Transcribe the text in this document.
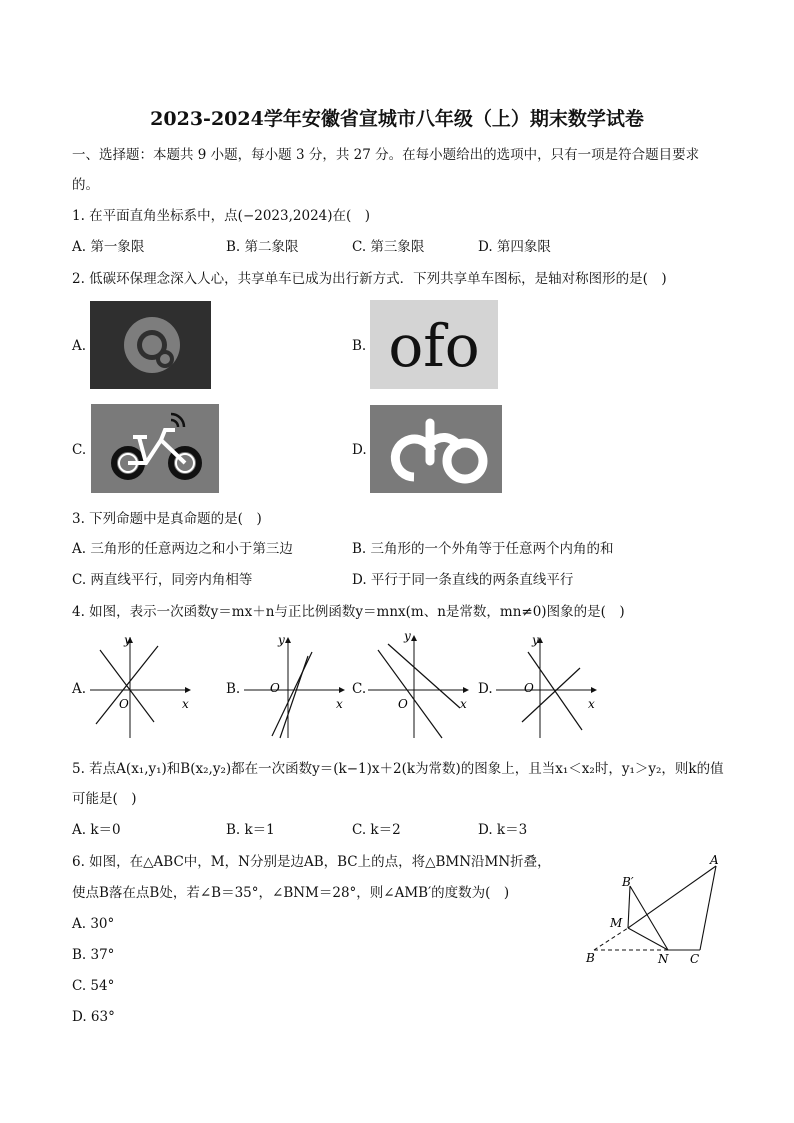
2023-2024学年安徽省宣城市八年级（上）期末数学试卷
一、选择题：本题共 9 小题，每小题 3 分，共 27 分。在每小题给出的选项中，只有一项是符合题目要求
的。
1. 在平面直角坐标系中，点(−2023,2024)在(　)
A. 第一象限	B. 第二象限	C. 第三象限	D. 第四象限
2. 低碳环保理念深入人心，共享单车已成为出行新方式．下列共享单车图标，是轴对称图形的是(　)
A.	B. ofo
C.	D.
3. 下列命题中是真命题的是(　)
A. 三角形的任意两边之和小于第三边	B. 三角形的一个外角等于任意两个内角的和
C. 两直线平行，同旁内角相等	D. 平行于同一条直线的两条直线平行
4. 如图，表示一次函数y＝mx＋n与正比例函数y＝mnx(m、n是常数，mn≠0)图象的是(　)
A.
y
x
O
B.
y
x
O	C.
y
x
O
D.
y
x
O
5. 若点A(x₁,y₁)和B(x₂,y₂)都在一次函数y＝(k−1)x＋2(k为常数)的图象上，且当x₁＜x₂时，y₁＞y₂，则k的值
可能是(　)
A. k＝0	B. k＝1	C. k＝2	D. k＝3
6. 如图，在△ABC中，M，N分别是边AB，BC上的点，将△BMN沿MN折叠，
使点B落在点B处，若∠B＝35°，∠BNM＝28°，则∠AMB′的度数为(　)
A. 30°
B. 37°
C. 54°
D. 63°
A
B′
M
B	N C
